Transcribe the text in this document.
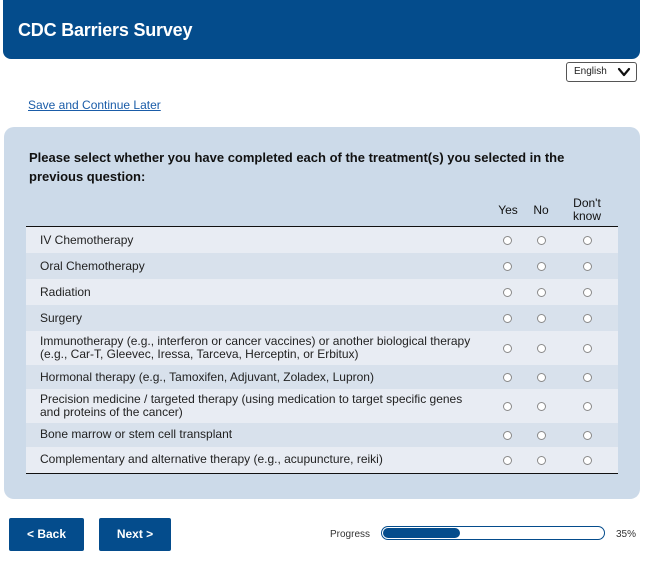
CDC Barriers Survey
English
Save and Continue Later
Please select whether you have completed each of the treatment(s) you selected in the previous question:
Yes	No	Don't know
IV Chemotherapy
Oral Chemotherapy
Radiation
Surgery
Immunotherapy (e.g., interferon or cancer vaccines) or another biological therapy (e.g., Car-T, Gleevec, Iressa, Tarceva, Herceptin, or Erbitux)
Hormonal therapy (e.g., Tamoxifen, Adjuvant, Zoladex, Lupron)
Precision medicine / targeted therapy (using medication to target specific genes and proteins of the cancer)
Bone marrow or stem cell transplant
Complementary and alternative therapy (e.g., acupuncture, reiki)
< Back	Next >	Progress	35%
